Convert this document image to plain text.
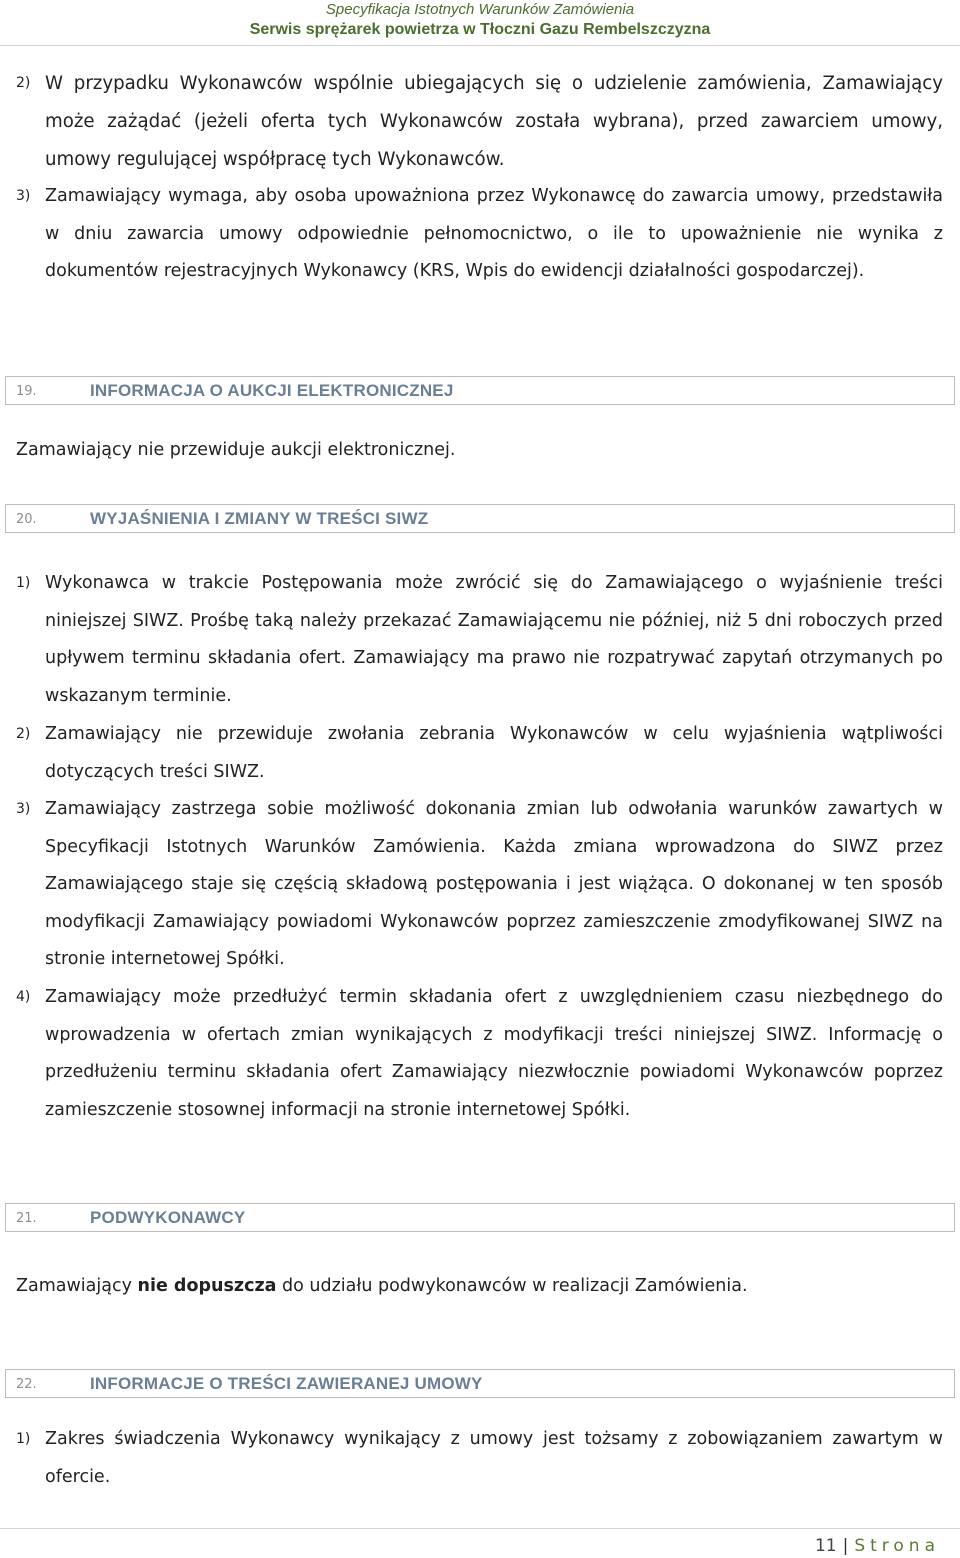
Specyfikacja Istotnych Warunków Zamówienia
Serwis sprężarek powietrza w Tłoczni Gazu Rembelszczyzna
2) W przypadku Wykonawców wspólnie ubiegających się o udzielenie zamówienia, Zamawiający może zażądać (jeżeli oferta tych Wykonawców została wybrana), przed zawarciem umowy, umowy regulującej współpracę tych Wykonawców.

3) Zamawiający wymaga, aby osoba upoważniona przez Wykonawcę do zawarcia umowy, przedstawiła w dniu zawarcia umowy odpowiednie pełnomocnictwo, o ile to upoważnienie nie wynika z dokumentów rejestracyjnych Wykonawcy (KRS, Wpis do ewidencji działalności gospodarczej).

19.	INFORMACJA O AUKCJI ELEKTRONICZNEJ

Zamawiający nie przewiduje aukcji elektronicznej.

20.	WYJAŚNIENIA I ZMIANY W TREŚCI SIWZ
1) Wykonawca w trakcie Postępowania może zwrócić się do Zamawiającego o wyjaśnienie treści niniejszej SIWZ. Prośbę taką należy przekazać Zamawiającemu nie później, niż 5 dni roboczych przed upływem terminu składania ofert. Zamawiający ma prawo nie rozpatrywać zapytań otrzymanych po wskazanym terminie.

2) Zamawiający nie przewiduje zwołania zebrania Wykonawców w celu wyjaśnienia wątpliwości dotyczących treści SIWZ.

3) Zamawiający zastrzega sobie możliwość dokonania zmian lub odwołania warunków zawartych w Specyfikacji Istotnych Warunków Zamówienia. Każda zmiana wprowadzona do SIWZ przez Zamawiającego staje się częścią składową postępowania i jest wiążąca. O dokonanej w ten sposób modyfikacji Zamawiający powiadomi Wykonawców poprzez zamieszczenie zmodyfikowanej SIWZ na stronie internetowej Spółki.

4) Zamawiający może przedłużyć termin składania ofert z uwzględnieniem czasu niezbędnego do wprowadzenia w ofertach zmian wynikających z modyfikacji treści niniejszej SIWZ. Informację o przedłużeniu terminu składania ofert Zamawiający niezwłocznie powiadomi Wykonawców poprzez zamieszczenie stosownej informacji na stronie internetowej Spółki.

21.	PODWYKONAWCY

Zamawiający nie dopuszcza do udziału podwykonawców w realizacji Zamówienia.

22.	INFORMACJE O TREŚCI ZAWIERANEJ UMOWY
1) Zakres świadczenia Wykonawcy wynikający z umowy jest tożsamy z zobowiązaniem zawartym w ofercie.

11 | Strona
